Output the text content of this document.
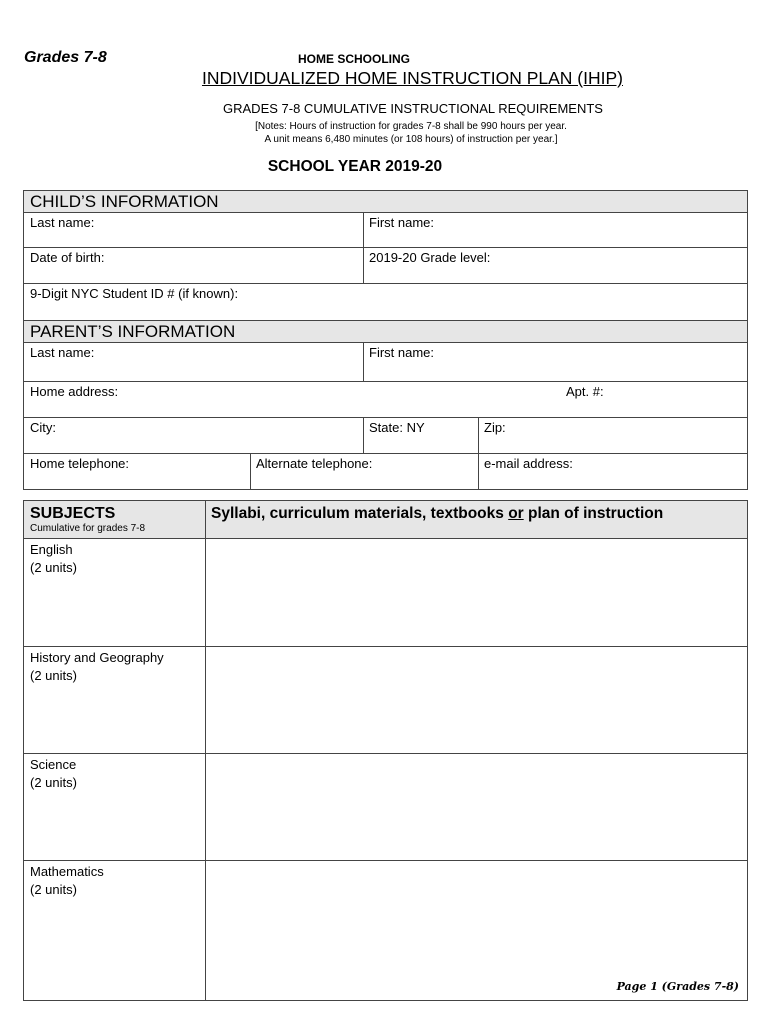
Grades 7-8	HOME SCHOOLING
INDIVIDUALIZED HOME INSTRUCTION PLAN (IHIP)
GRADES 7-8 CUMULATIVE INSTRUCTIONAL REQUIREMENTS
[Notes: Hours of instruction for grades 7-8 shall be 990 hours per year.
A unit means 6,480 minutes (or 108 hours) of instruction per year.]
SCHOOL YEAR 2019-20
CHILD’S INFORMATION
Last name:	First name:
Date of birth:	2019-20 Grade level:
9-Digit NYC Student ID # (if known):
PARENT’S INFORMATION
Last name:	First name:
Home address:	Apt. #:
City:	State: NY	Zip:
Home telephone:	Alternate telephone:	e-mail address:
SUBJECTS
Cumulative for grades 7-8
Syllabi, curriculum materials, textbooks or plan of instruction
English
(2 units)
History and Geography
(2 units)
Science
(2 units)
Mathematics
(2 units)
Page 1 (Grades 7-8)
